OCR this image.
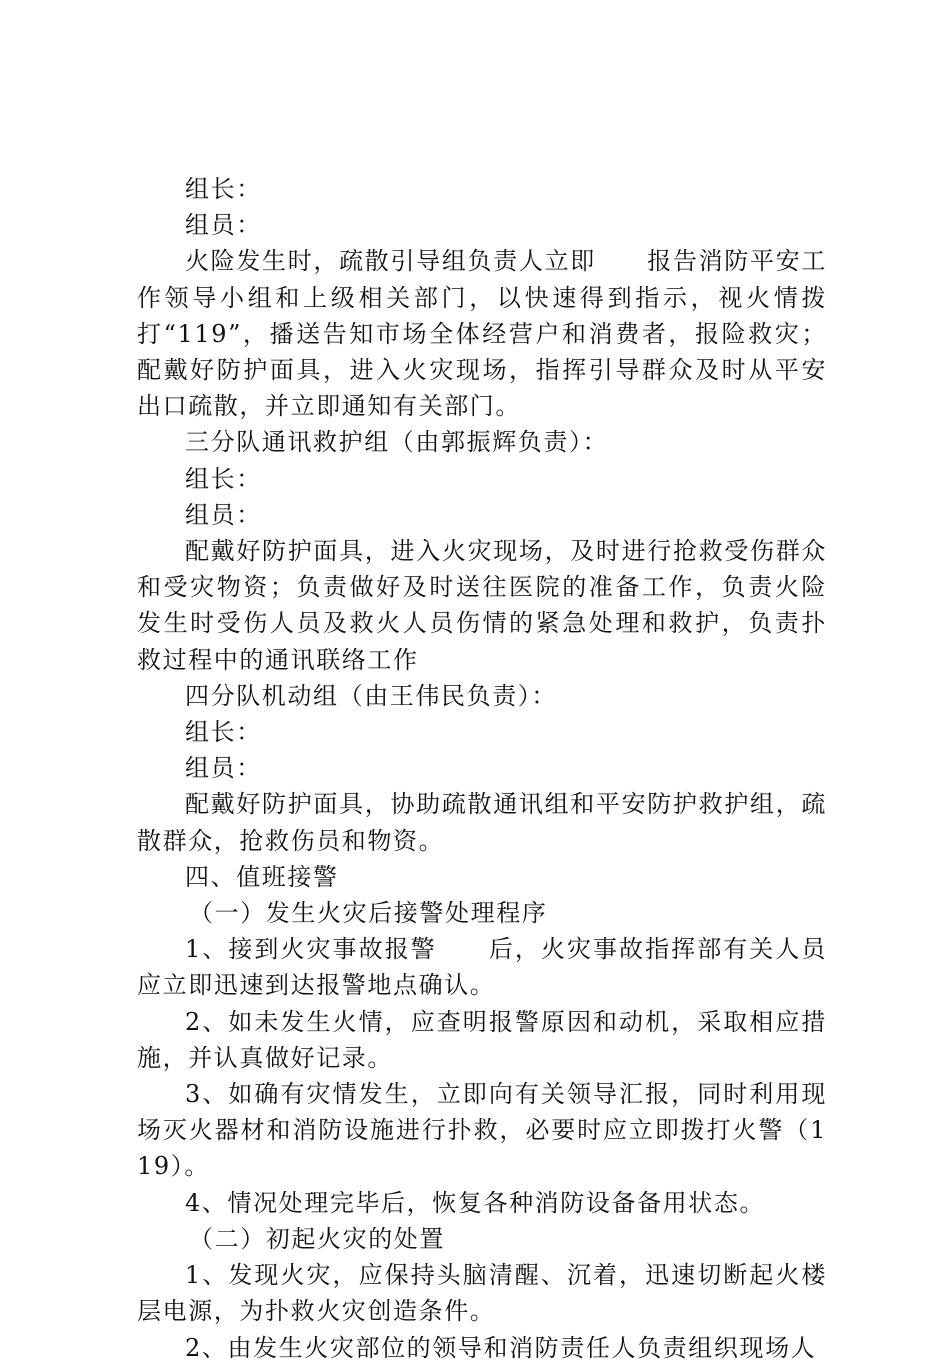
组长：

组员：

火险发生时，疏散引导组负责人立即　　报告消防平安工作领导小组和上级相关部门，以快速得到指示，视火情拨打“119”，播送告知市场全体经营户和消费者，报险救灾；配戴好防护面具，进入火灾现场，指挥引导群众及时从平安出口疏散，并立即通知有关部门。

三分队通讯救护组（由郭振辉负责）：

组长：

组员：

配戴好防护面具，进入火灾现场，及时进行抢救受伤群众和受灾物资；负责做好及时送往医院的准备工作，负责火险发生时受伤人员及救火人员伤情的紧急处理和救护，负责扑救过程中的通讯联络工作

四分队机动组（由王伟民负责）：

组长：

组员：

配戴好防护面具，协助疏散通讯组和平安防护救护组，疏散群众，抢救伤员和物资。

四、值班接警

（一）发生火灾后接警处理程序

1、接到火灾事故报警　　后，火灾事故指挥部有关人员应立即迅速到达报警地点确认。

2、如未发生火情，应查明报警原因和动机，采取相应措施，并认真做好记录。

3、如确有灾情发生，立即向有关领导汇报，同时利用现场灭火器材和消防设施进行扑救，必要时应立即拨打火警（119）。

4、情况处理完毕后，恢复各种消防设备备用状态。

（二）初起火灾的处置

1、发现火灾，应保持头脑清醒、沉着，迅速切断起火楼层电源，为扑救火灾创造条件。

2、由发生火灾部位的领导和消防责任人负责组织现场人
